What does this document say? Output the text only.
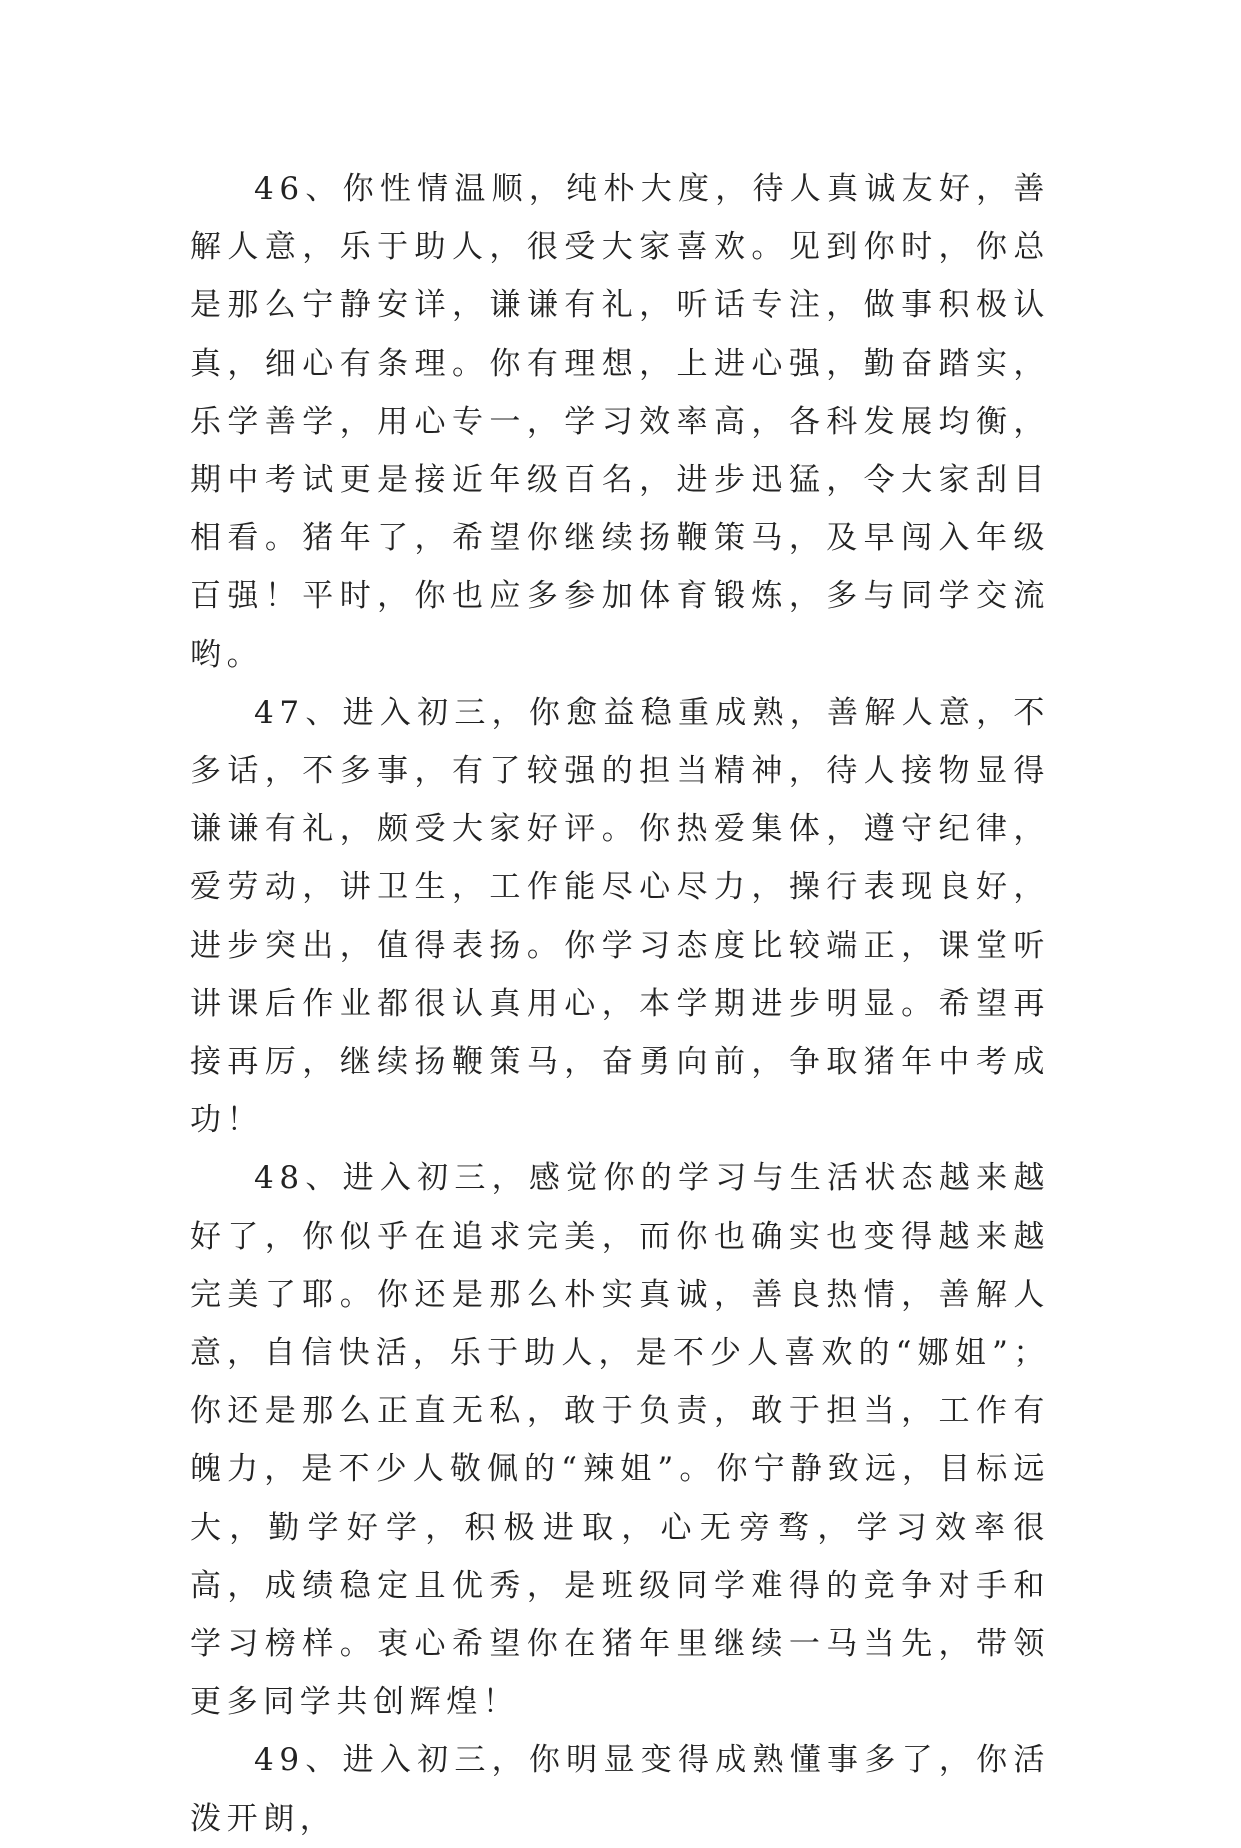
46、你性情温顺，纯朴大度，待人真诚友好，善解人意，乐于助人，很受大家喜欢。见到你时，你总是那么宁静安详，谦谦有礼，听话专注，做事积极认真，细心有条理。你有理想，上进心强，勤奋踏实，乐学善学，用心专一，学习效率高，各科发展均衡，期中考试更是接近年级百名，进步迅猛，令大家刮目相看。猪年了，希望你继续扬鞭策马，及早闯入年级百强！平时，你也应多参加体育锻炼，多与同学交流哟。

47、进入初三，你愈益稳重成熟，善解人意，不多话，不多事，有了较强的担当精神，待人接物显得谦谦有礼，颇受大家好评。你热爱集体，遵守纪律，爱劳动，讲卫生，工作能尽心尽力，操行表现良好，进步突出，值得表扬。你学习态度比较端正，课堂听讲课后作业都很认真用心，本学期进步明显。希望再接再厉，继续扬鞭策马，奋勇向前，争取猪年中考成功！

48、进入初三，感觉你的学习与生活状态越来越好了，你似乎在追求完美，而你也确实也变得越来越完美了耶。你还是那么朴实真诚，善良热情，善解人意，自信快活，乐于助人，是不少人喜欢的“娜姐”；你还是那么正直无私，敢于负责，敢于担当，工作有魄力，是不少人敬佩的“辣姐”。你宁静致远，目标远大，勤学好学，积极进取，心无旁骛，学习效率很高，成绩稳定且优秀，是班级同学难得的竞争对手和学习榜样。衷心希望你在猪年里继续一马当先，带领更多同学共创辉煌！

49、进入初三，你明显变得成熟懂事多了，你活泼开朗，
